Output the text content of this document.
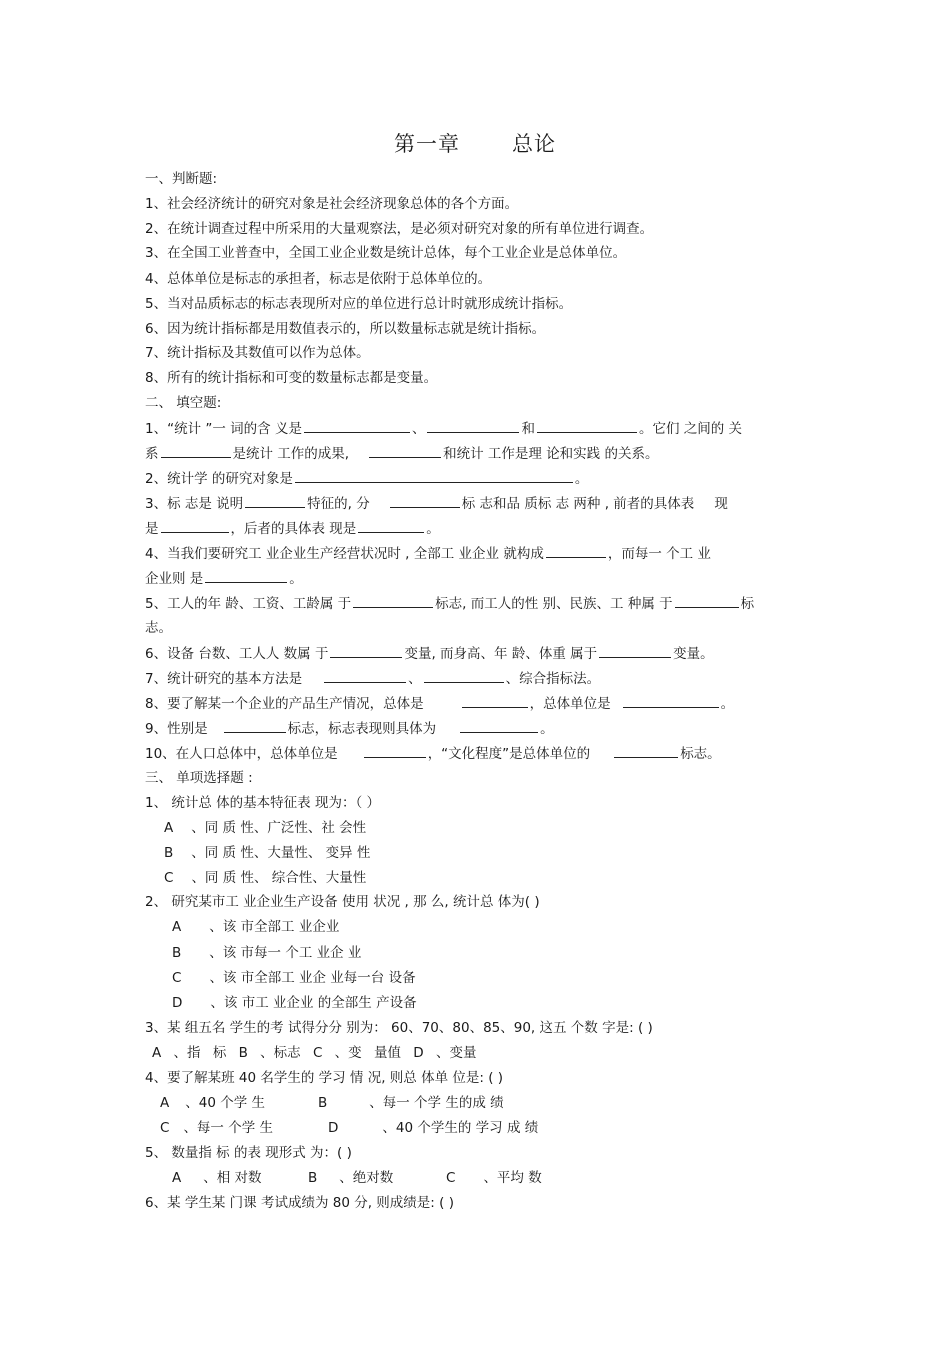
第一章 总论
一、判断题:
1、社会经济统计的研究对象是社会经济现象总体的各个方面。
2、在统计调查过程中所采用的大量观察法，是必须对研究对象的所有单位进行调查。
3、在全国工业普查中，全国工业企业数是统计总体，每个工业企业是总体单位。
4、总体单位是标志的承担者，标志是依附于总体单位的。
5、当对品质标志的标志表现所对应的单位进行总计时就形成统计指标。
6、因为统计指标都是用数值表示的，所以数量标志就是统计指标。
7、统计指标及其数值可以作为总体。
8、所有的统计指标和可变的数量标志都是变量。
二、 填空题:
1、“统计 ”一 词的含 义是	、	和	。它们 之间的 关
系	是统计 工作的成果,	和统计 工作是理 论和实践 的关系。
2、统计学 的研究对象是	。
3、标 志是 说明	特征的, 分	标 志和品 质标 志 两种 , 前者的具体表 现
是	，后者的具体表 现是	。
4、当我们要研究工 业企业生产经营状况时 , 全部工 业企业 就构成	，而每一 个工 业
企业则 是	。
5、工人的年 龄、工资、工龄属 于	标志, 而工人的性 别、民族、工 种属 于	标
志。
6、设备 台数、工人人 数属 于	变量, 而身高、年 龄、体重 属于	变量。
7、统计研究的基本方法是	、	、综合指标法。
8、要了解某一个企业的产品生产情况，总体是	，总体单位是	。
9、性别是	标志，标志表现则具体为	。
10、在人口总体中，总体单位是	，“文化程度”是总体单位的	标志。
三、 单项选择题 :
1、 统计总 体的基本特征表 现为：（ ）
A 、同 质 性、广泛性、社 会性
B 、同 质 性、大量性、 变异 性
C 、同 质 性、 综合性、大量性
2、 研究某市工 业企业生产设备 使用 状况 , 那 么, 统计总 体为( )
A 、该 市全部工 业企业
B 、该 市每一 个工 业企 业
C 、该 市全部工 业企 业每一台 设备
D 、该 市工 业企业 的全部生 产设备
3、某 组五名 学生的考 试得分分 别为： 60、70、80、85、90, 这五 个数 字是: ( )
A 、指 标 B 、标志 C 、变 量值 D 、变量
4、要了解某班 40 名学生的 学习 情 况, 则总 体单 位是: ( )
A 、40 个学 生	B	、每一 个学 生的成 绩
C 、每一 个学 生	D	、40 个学生的 学习 成 绩
5、 数量指 标 的表 现形式 为：( )
A 、相 对数	B 、绝对数	C 、平均 数
6、某 学生某 门课 考试成绩为 80 分, 则成绩是: ( )
